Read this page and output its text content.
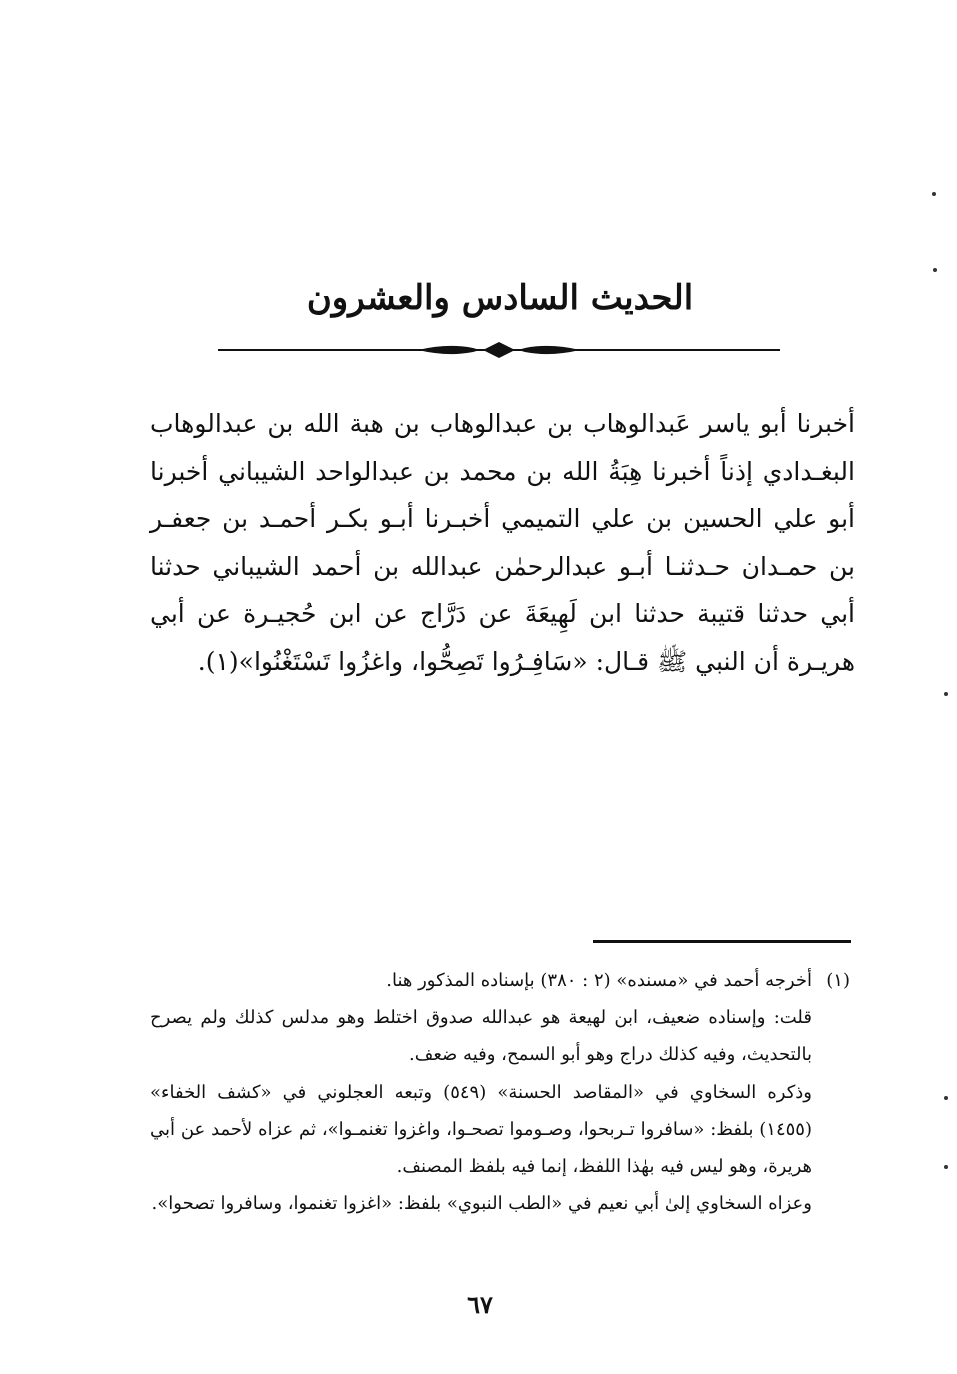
الحديث السادس والعشرون

أخبرنا أبو ياسر عَبدالوهاب بن عبدالوهاب بن هبة الله بن عبدالوهاب البغـدادي إذناً أخبرنا هِبَةُ الله بن محمد بن عبدالواحد الشيباني أخبرنا أبو علي الحسين بن علي التميمي أخبـرنا أبـو بكـر أحمـد بن جعفـر بن حمـدان حـدثنـا أبـو عبدالرحمٰن عبدالله بن أحمد الشيباني حدثنا أبي حدثنا قتيبة حدثنا ابن لَهِيعَةَ عن دَرَّاج عن ابن حُجيـرة عن أبي هريـرة أن النبي ﷺ قـال: «سَافِـرُوا تَصِحُّوا، واغزُوا تَسْتَغْنُوا»(١).

(١)

أخرجه أحمد في «مسنده» (٢ : ٣٨٠) بإسناده المذكور هنا.

قلت: وإسناده ضعيف، ابن لهيعة هو عبدالله صدوق اختلط وهو مدلس كذلك ولم يصرح بالتحديث، وفيه كذلك دراج وهو أبو السمح، وفيه ضعف.

وذكره السخاوي في «المقاصد الحسنة» (٥٤٩) وتبعه العجلوني في «كشف الخفاء» (١٤٥٥) بلفظ: «سافروا تـربحوا، وصـوموا تصحـوا، واغزوا تغنمـوا»، ثم عزاه لأحمد عن أبي هريرة، وهو ليس فيه بهٰذا اللفظ، إنما فيه بلفظ المصنف.

وعزاه السخاوي إلىٰ أبي نعيم في «الطب النبوي» بلفظ: «اغزوا تغنموا، وسافروا تصحوا».

٦٧
